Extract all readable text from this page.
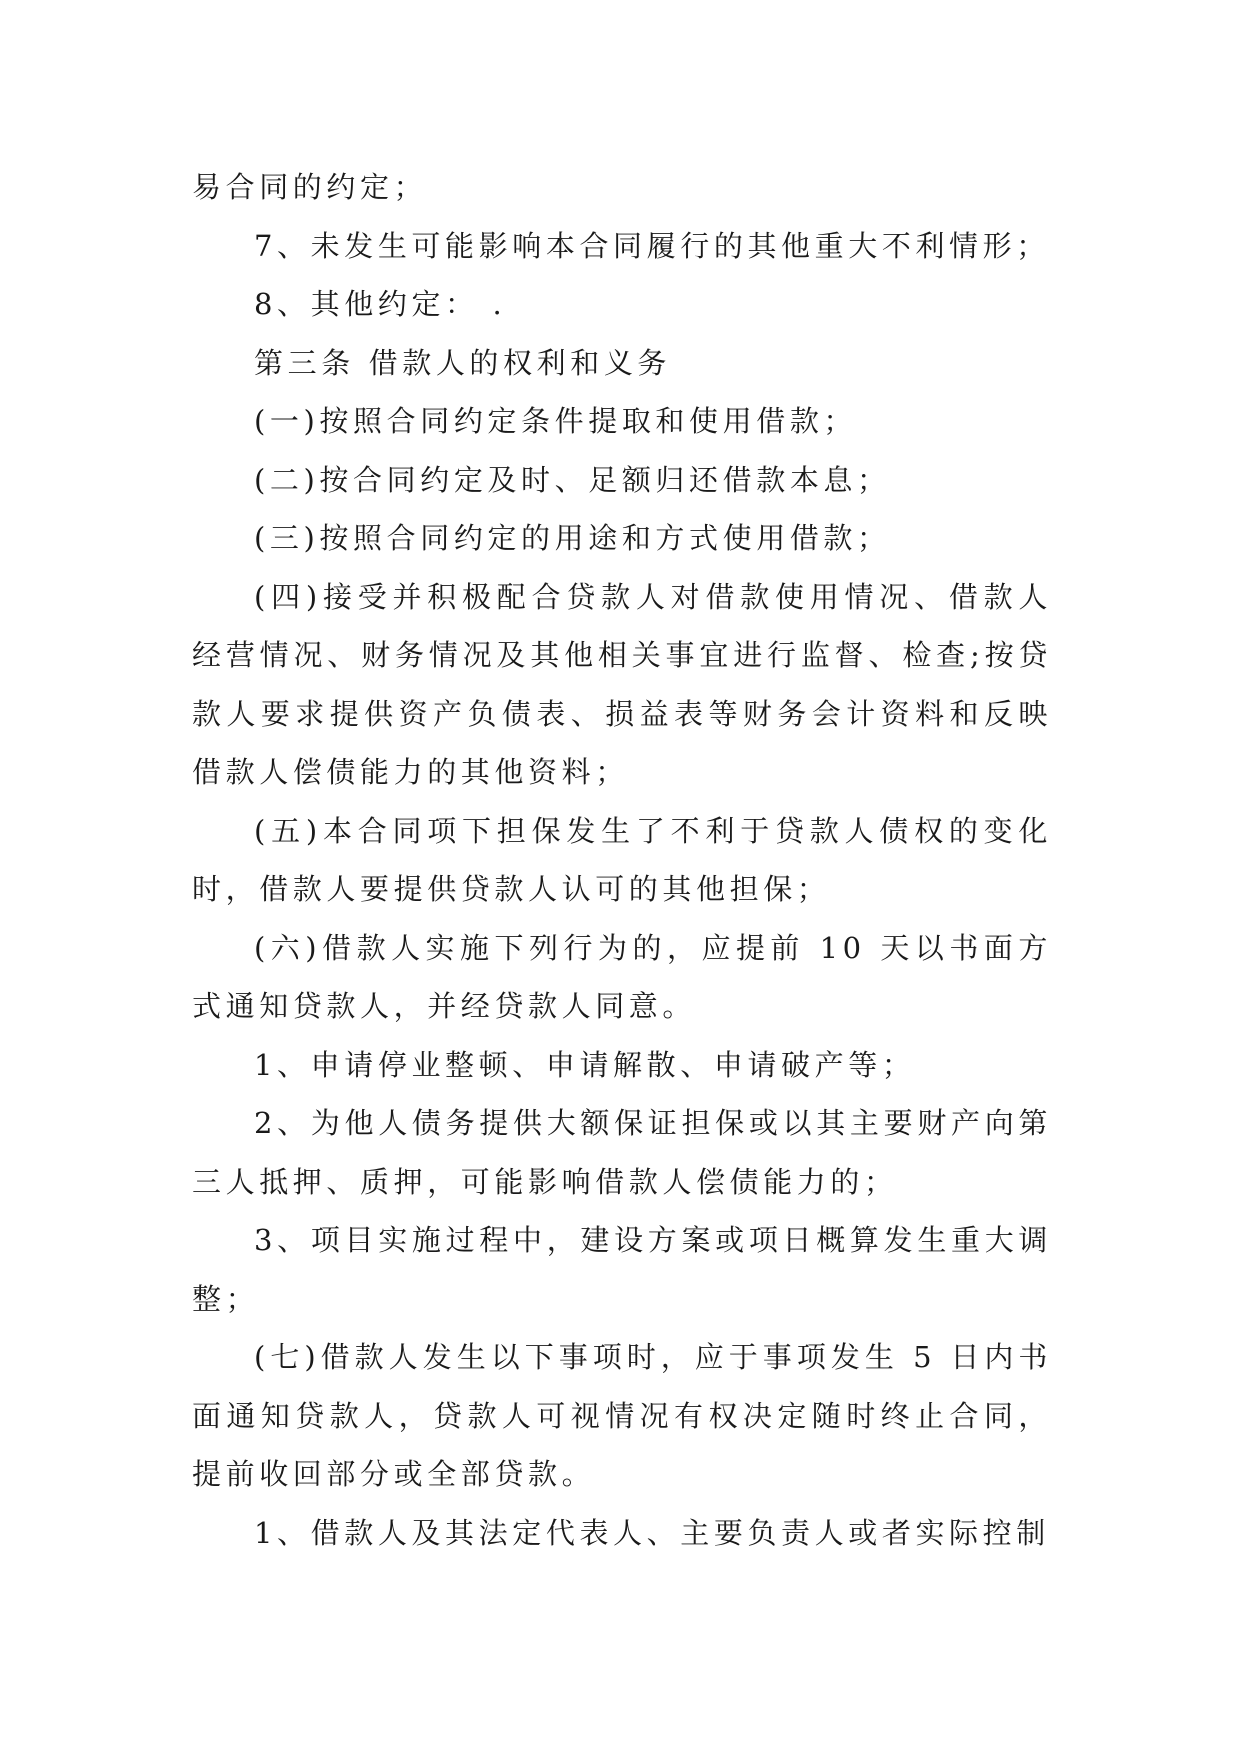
易合同的约定；

7、未发生可能影响本合同履行的其他重大不利情形；

8、其他约定： .

第三条 借款人的权利和义务

(一)按照合同约定条件提取和使用借款；

(二)按合同约定及时、足额归还借款本息；

(三)按照合同约定的用途和方式使用借款；

(四)接受并积极配合贷款人对借款使用情况、借款人经营情况、财务情况及其他相关事宜进行监督、检查;按贷款人要求提供资产负债表、损益表等财务会计资料和反映借款人偿债能力的其他资料；

(五)本合同项下担保发生了不利于贷款人债权的变化时，借款人要提供贷款人认可的其他担保；

(六)借款人实施下列行为的，应提前 10 天以书面方式通知贷款人，并经贷款人同意。

1、申请停业整顿、申请解散、申请破产等；

2、为他人债务提供大额保证担保或以其主要财产向第三人抵押、质押，可能影响借款人偿债能力的；

3、项目实施过程中，建设方案或项日概算发生重大调整；

(七)借款人发生以下事项时，应于事项发生 5 日内书面通知贷款人，贷款人可视情况有权决定随时终止合同，提前收回部分或全部贷款。

1、借款人及其法定代表人、主要负责人或者实际控制
